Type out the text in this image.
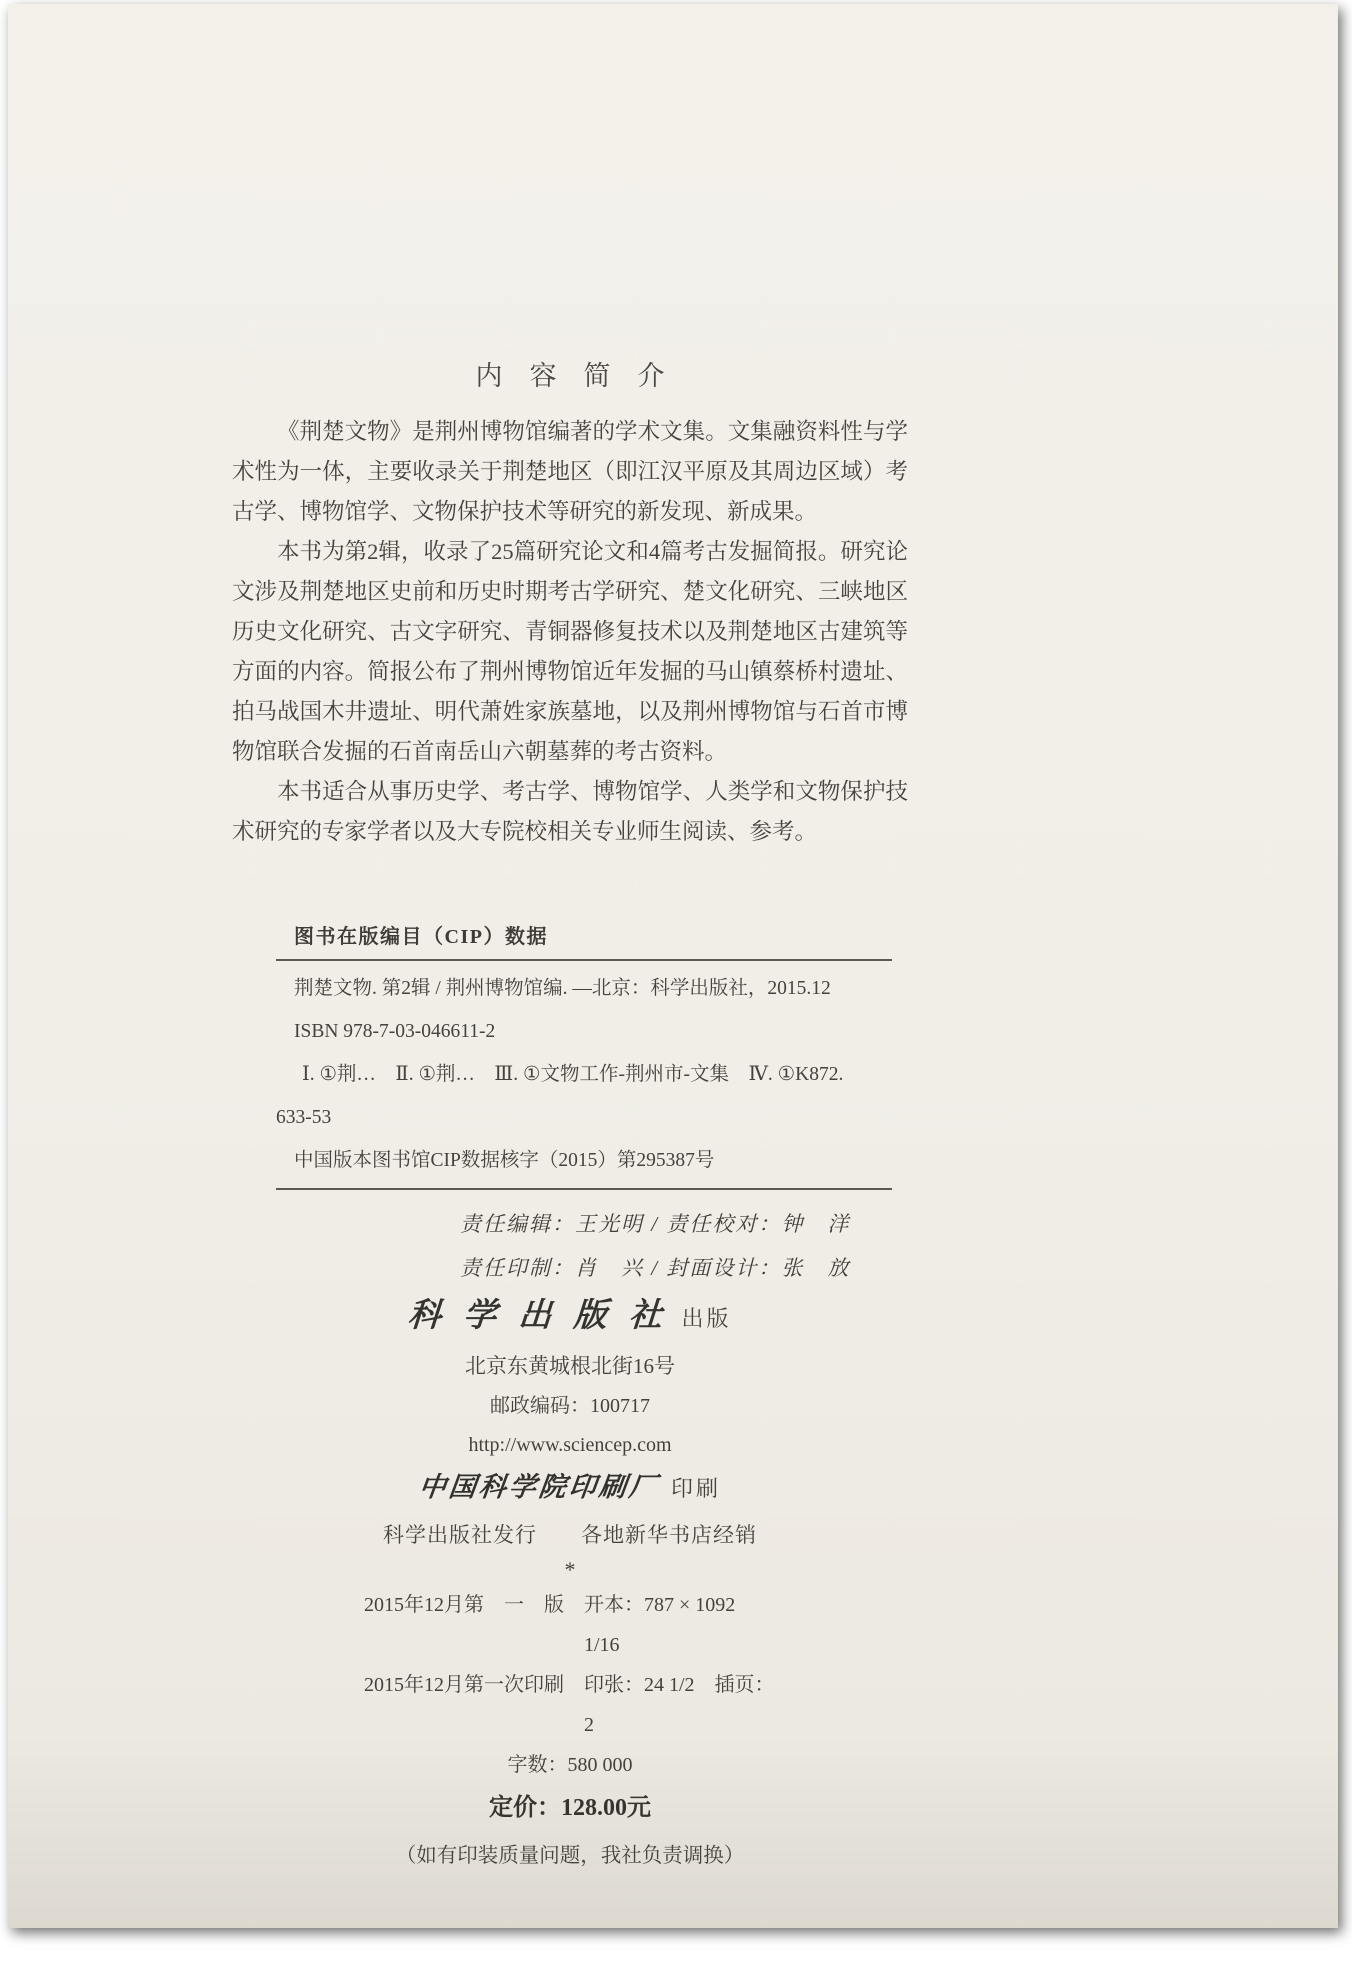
内　容　简　介

《荆楚文物》是荆州博物馆编著的学术文集。文集融资料性与学术性为一体，主要收录关于荆楚地区（即江汉平原及其周边区域）考古学、博物馆学、文物保护技术等研究的新发现、新成果。

本书为第2辑，收录了25篇研究论文和4篇考古发掘简报。研究论文涉及荆楚地区史前和历史时期考古学研究、楚文化研究、三峡地区历史文化研究、古文字研究、青铜器修复技术以及荆楚地区古建筑等方面的内容。简报公布了荆州博物馆近年发掘的马山镇蔡桥村遗址、拍马战国木井遗址、明代萧姓家族墓地，以及荆州博物馆与石首市博物馆联合发掘的石首南岳山六朝墓葬的考古资料。

本书适合从事历史学、考古学、博物馆学、人类学和文物保护技术研究的专家学者以及大专院校相关专业师生阅读、参考。

图书在版编目（CIP）数据
荆楚文物. 第2辑 / 荆州博物馆编. —北京：科学出版社，2015.12
ISBN 978-7-03-046611-2
Ⅰ. ①荆…　Ⅱ. ①荆…　Ⅲ. ①文物工作-荆州市-文集　Ⅳ. ①K872.
633-53
中国版本图书馆CIP数据核字（2015）第295387号
责任编辑：王光明 / 责任校对：钟　洋
责任印制：肖　兴 / 封面设计：张　放
科 学 出 版 社 出版
北京东黄城根北街16号
邮政编码：100717
http://www.sciencep.com
中国科学院印刷厂 印刷
科学出版社发行　　各地新华书店经销
*
2015年12月第　一　版	开本：787 × 1092　1/16
2015年12月第一次印刷	印张：24 1/2　插页：2
字数：580 000
定价：128.00元
（如有印装质量问题，我社负责调换）
